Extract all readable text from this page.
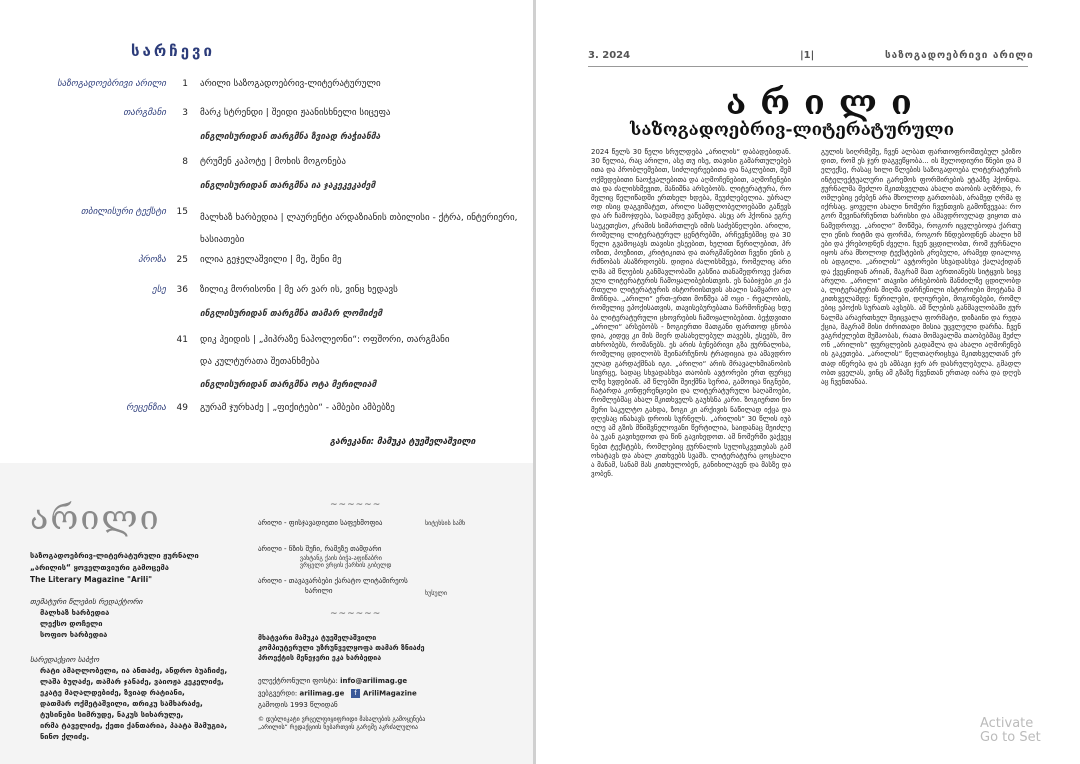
სარჩევი
საზოგადოებრივი არილი	1 არილი საზოგადოებრივ-ლიტერატურული
თარგმანი	3 მარკ სტრენდი | შეიდი ჟაანისხნელი სიცეფა
ინგლისურიდან თარგმნა ზვიად რაჭიანმა
8 ტრუმენ კაპოტე | მოხის მოგონება
ინგლისურიდან თარგმნა ია ჯაკეკეკაძემ
თბილისური ტექსტი	15
მალხაზ ხარბედია | ლაურენტი არდაზიანის თბილისი - ქტრა, ინტერიერი, ხასიათები
პროზა	25 ილია გეჯელაშვილი | მე, შენი მე
ესე	36 ზილიკ მორისონი | მე არ ვარ ის, ვინც ხედავს
ინგლისურიდან თარგმნა თამარ ლომიძემ
41 დიკ ჰეიდის | „ჰიჰრაზე ნაპოლეონი“: ოფშორი, თარგმანი
და კულტურათა შეთანხმება
ინგლისურიდან თარგმნა ოტა მერილიამ
რეცენზია	49 გურამ ჯურხაძე | „ფიქიტები“ - ამბები ამბებზე
გარეკანი: მამუკა ტუეშელაშვილი
არილი
საზოგადოებრივ-ლიტერატურული ჟურნალი
„არილის“ ყოველთვიური გამოცემა
The Literary Magazine "Arili"
თემატური წლების რედაქტორი
მალხაზ ხარბედია
ლექსო დოჩელი
სოფიო ხარბედია
სარედაქციო საბჭო
რატი ამაღლობელი, ია ანთაძე, ანდრო ბუაჩიძე,
ლაშა ბუღაძე, თამარ ჯანაძე, ვაიოჟა კეკელიძე,
ეკატე მაღალდებიძე, ზვიად რატიანი,
დათმარ ოქმეტაშვილი, თრიკუ სამხარაძე,
ტუსინები სიმრუდე, ნაკუს სიხარულე,
ირმა ტაველიძე, ქეთი ქანთარია, პაატა შამუგია,
ნინო ქლიძე.
~~~~~~
არილი - ფისჯავადიეთი საფეხმოფია	სიტეხსის სამხ
არილი - ნზის შუჩი, რამეზე თამდარი
ვახტანგ ქაის ბიჭა-აფიწაბრი
ვრცელი ვრცის ქარხის გიბელდ
არილი - თავავარბები ქარატო ლიტამირეოს
ხარილი	ხუსული
~~~~~~
მხატვარი მამუკა ტუეშელაშვილი
კომპიუტერული უზრუნველყოფა თამარ ზნიაძე
პროექტის მენეჯერი ეკა ხარბედია
ელექტრონული ფოსტა: info@arilimag.ge
ვებგვერდი: arilimag.ge f AriliMagazine
გამოდის 1993 წლიდან
© დუბლიკატი ვრცელფიყიფრიდი მასალების გამოყენება
„არილის“ რედაქციის ნებართვის გარეშე აკრძალულია
3. 2024	|1|	საზოგადოებრივი არილი
არილი
საზოგადოებრივ-ლიტერატურული
2024 წელს 30 წელი სრულდება „არილის“ დაბადებიდან. 30 წელია, რაც არილი, ასე თუ ისე, თავისი გამართულებებითა და პრობლემებით, სიძლიერეებითა და ნაკლებით, შემოქმედებითი ნაოჭვალებითა და აღმოჩენებით, აღმოჩენებითა და ძალისხმევით, მანიშნა არსებობს. ლიტერატურა, რომელიც წელიწადში ერთხელ ხდება, შეუძლებელია. უბრალოდ ისიც დაგვიმატეთ, არილი სამფლობელოებაში გაწევს და არ ჩამოჯდება, სადამდე ვაწებდა. ასეც არ ჰქონია ეგრე საუკეთესო, კრამის სიმართლეს იმის საძებნელები. არილი, რომელიც ლიტერატურულ ცენტრებში, არჩევნებშიც და 30 წელი გვამოცავს თავისი ესეებით, ხელით წერილებით, პროზით, პოეზიით, კრიტიკითა და თარგმანებით ჩვენი ენის გრძნობას ასაზრდოებს. დიდია ძალისხმევა, რომელიც არილმა ამ წლების განმავლობაში გასწია თანამედროვე ქართული ლიტერატურის ჩამოყალიბებისთვის. ეს ნაბიჯები კი ქართული ლიტერატურის ისტორიისთვის ახალი სამყარო აღმოჩნდა. „არილი“ ერთ-ერთი მოწმეა ამ ოცი - რეალობის, რომელიც ეპოქისათვის, თავისებურებათა წარმოჩენაც ხდება ლიტერატურული ცხოვრების ჩამოყალიბებით. ბეჭდვითი „არილი“ არსებობს - ზოგიერთი მათგანი ფართოდ ცნობადია, კიდეც კი მის მიერ დასახელებულ თავებს, ესეებს, მოთხრობებს, რომანებს. ეს არის ბუნებრივი გზა ჟურნალისა, რომელიც ცდილობს შეინარჩუნოს ტრადიცია და ამავდროულად გარდაქმნას იგი. „არილი“ არის მრავალხმიანობის სივრცე, სადაც სხვადასხვა თაობის ავტორები ერთ ფურცელზე ხვდებიან. ამ წლებში შეიქმნა სერია, გამოიცა წიგნები, ჩატარდა კონფერენციები და ლიტერატურული საღამოები, რომლებმაც ახალ მკითხველს გაუხსნა კარი. ზოგიერთი ნომერი საკულტო გახდა, ზოგი კი არქივის ნაწილად იქცა და დღესაც ინახავს დროის სურნელს. „არილის“ 30 წლის იუბილე ამ გზის მნიშვნელოვანი წერტილია, საიდანაც შეიძლება უკან გავიხედოთ და წინ გავიხედოთ. ამ ნომერში ვაქვეყნებთ ტექსტებს, რომლებიც ჟურნალის სულისკვეთებას გამოხატავს და ახალ კითხვებს სვამს. ლიტერატურა ცოცხალია მანამ, სანამ მას კითხულობენ, განიხილავენ და მასზე დავობენ.
გულის სიღრმემე, ჩვენ ალბათ ფართოფრომთებულ ეპიზოდით, რომ ეს ჯერ დაგვეწყობა... ის მელოდიური წნები და მელექსე, რასაც ხილი წლების საზოგადოება ლიტერატურის ინტელექტუალური გარემოს ფორმირების ეტაპზე ჰქონდა. ჟურნალმა შეძლო მკითხველთა ახალი თაობის აღზრდა, რომლებიც ეძებენ არა მხოლოდ გართობას, არამედ ღრმა ფიქრსაც. ყოველი ახალი ნომერი ჩვენთვის გამოწვევაა: როგორ შევინარჩუნოთ ხარისხი და ამავდროულად ვიყოთ თანამედროვე. „არილი“ მოწმეა, როგორ იცვლებოდა ქართული ენის რიტმი და ფორმა, როგორ ჩნდებოდნენ ახალი ხმები და ქრებოდნენ ძველი. ჩვენ ვცდილობთ, რომ ჟურნალი იყოს არა მხოლოდ ტექსტების კრებული, არამედ დიალოგის ადგილი. „არილის“ ავტორები სხვადასხვა ქალაქიდან და ქვეყნიდან არიან, მაგრამ მათ აერთიანებს სიტყვის სიყვარული. „არილი“ თავისი არსებობის მანძილზე ცდილობდა, ლიტერატურის მიღმა დარჩენილი ისტორიები მოეტანა მკითხველამდე: წერილები, დღიურები, მოგონებები, რომლებიც ეპოქის სურათს ავსებს. ამ წლების განმავლობაში ჟურნალმა არაერთხელ შეიცვალა ფორმატი, დიზაინი და რედაქცია, მაგრამ მისი ძირითადი მისია უცვლელი დარჩა. ჩვენ ვაგრძელებთ მუშაობას, რათა მომავალმა თაობებმაც შეძლონ „არილის“ ფურცლების გადაშლა და ახალი აღმოჩენების გაკეთება. „არილის“ წელთაღრიცხვა მკითხველთან ერთად იწერება და ეს ამბავი ჯერ არ დასრულებულა. გმადლობთ ყველას, ვინც ამ გზაზე ჩვენთან ერთად იარა და დღესაც ჩვენთანაა.
Activate
Go to Set
